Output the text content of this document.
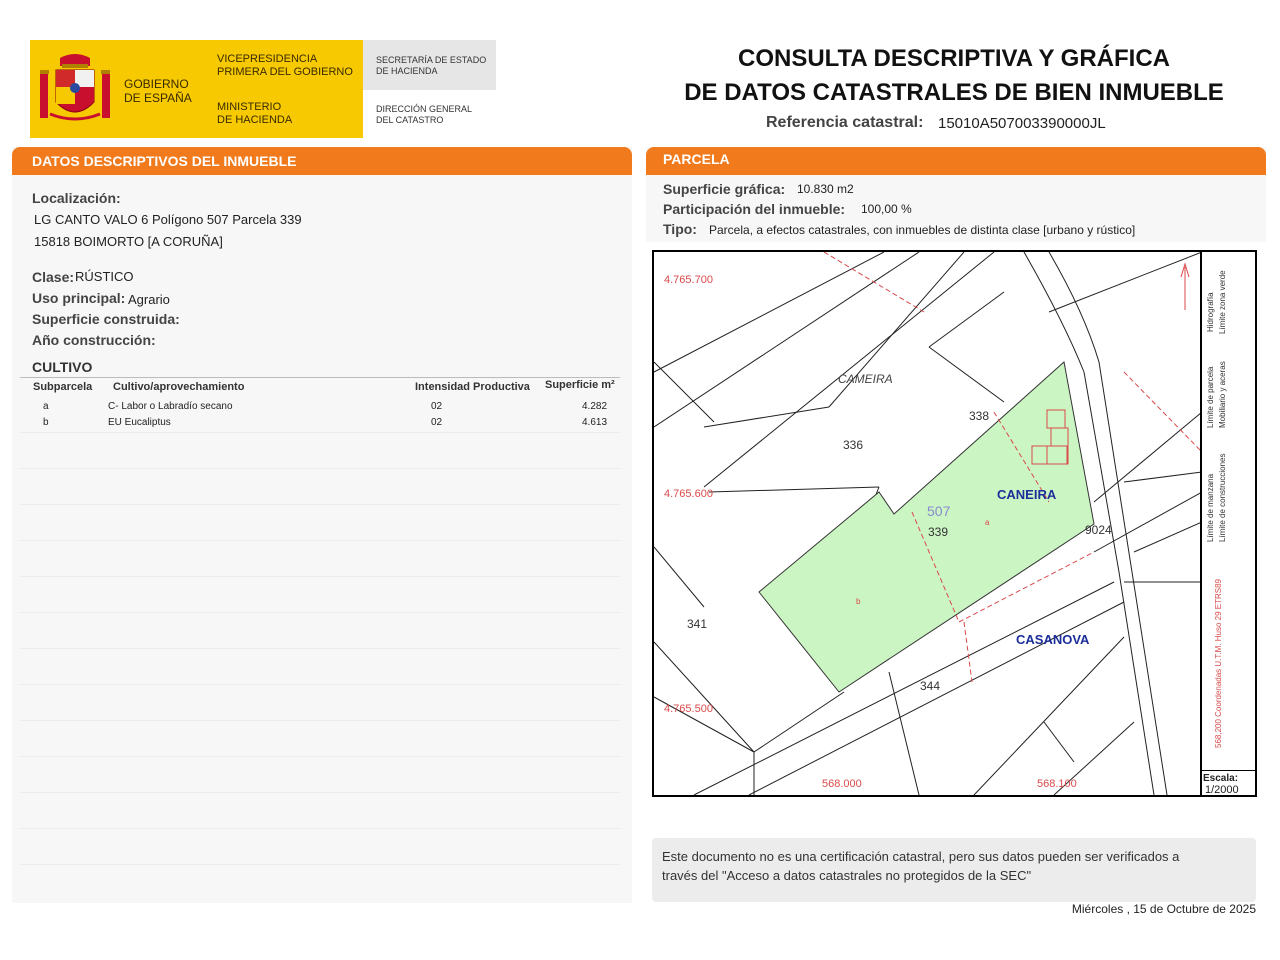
GOBIERNO
DE ESPAÑA
VICEPRESIDENCIA
PRIMERA DEL GOBIERNO
MINISTERIO
DE HACIENDA
SECRETARÍA DE ESTADO
DE HACIENDA
DIRECCIÓN GENERAL
DEL CATASTRO
CONSULTA DESCRIPTIVA Y GRÁFICA
DE DATOS CATASTRALES DE BIEN INMUEBLE
Referencia catastral: 15010A507003390000JL
DATOS DESCRIPTIVOS DEL INMUEBLE
Localización:
LG CANTO VALO 6 Polígono 507 Parcela 339
15818 BOIMORTO [A CORUÑA]
Clase: RÚSTICO
Uso principal: Agrario
Superficie construida:
Año construcción:
CULTIVO
Subparcela Cultivo/aprovechamiento	Intensidad Productiva Superficie m²
a	C- Labor o Labradío secano	02	4.282
b	EU Eucaliptus	02	4.613
PARCELA
Superficie gráfica: 10.830 m2
Participación del inmueble: 100,00 %
Tipo: Parcela, a efectos catastrales, con inmuebles de distinta clase [urbano y rústico]
4.765.700
4.765.600
4.765.500
568.000	568.100
CAMEIRA
CANEIRA
CASANOVA
336
338
339
341
344
9024
507
a
b
Hidrografía Límite zona verde
Límite de parcela Mobiliario y aceras
Límite de manzana Límite de construcciones
568,200 Coordenadas U.T.M. Huso 29 ETRS89
Escala:
1/2000
Este documento no es una certificación catastral, pero sus datos pueden ser verificados a
través del "Acceso a datos catastrales no protegidos de la SEC"
Miércoles , 15 de Octubre de 2025
